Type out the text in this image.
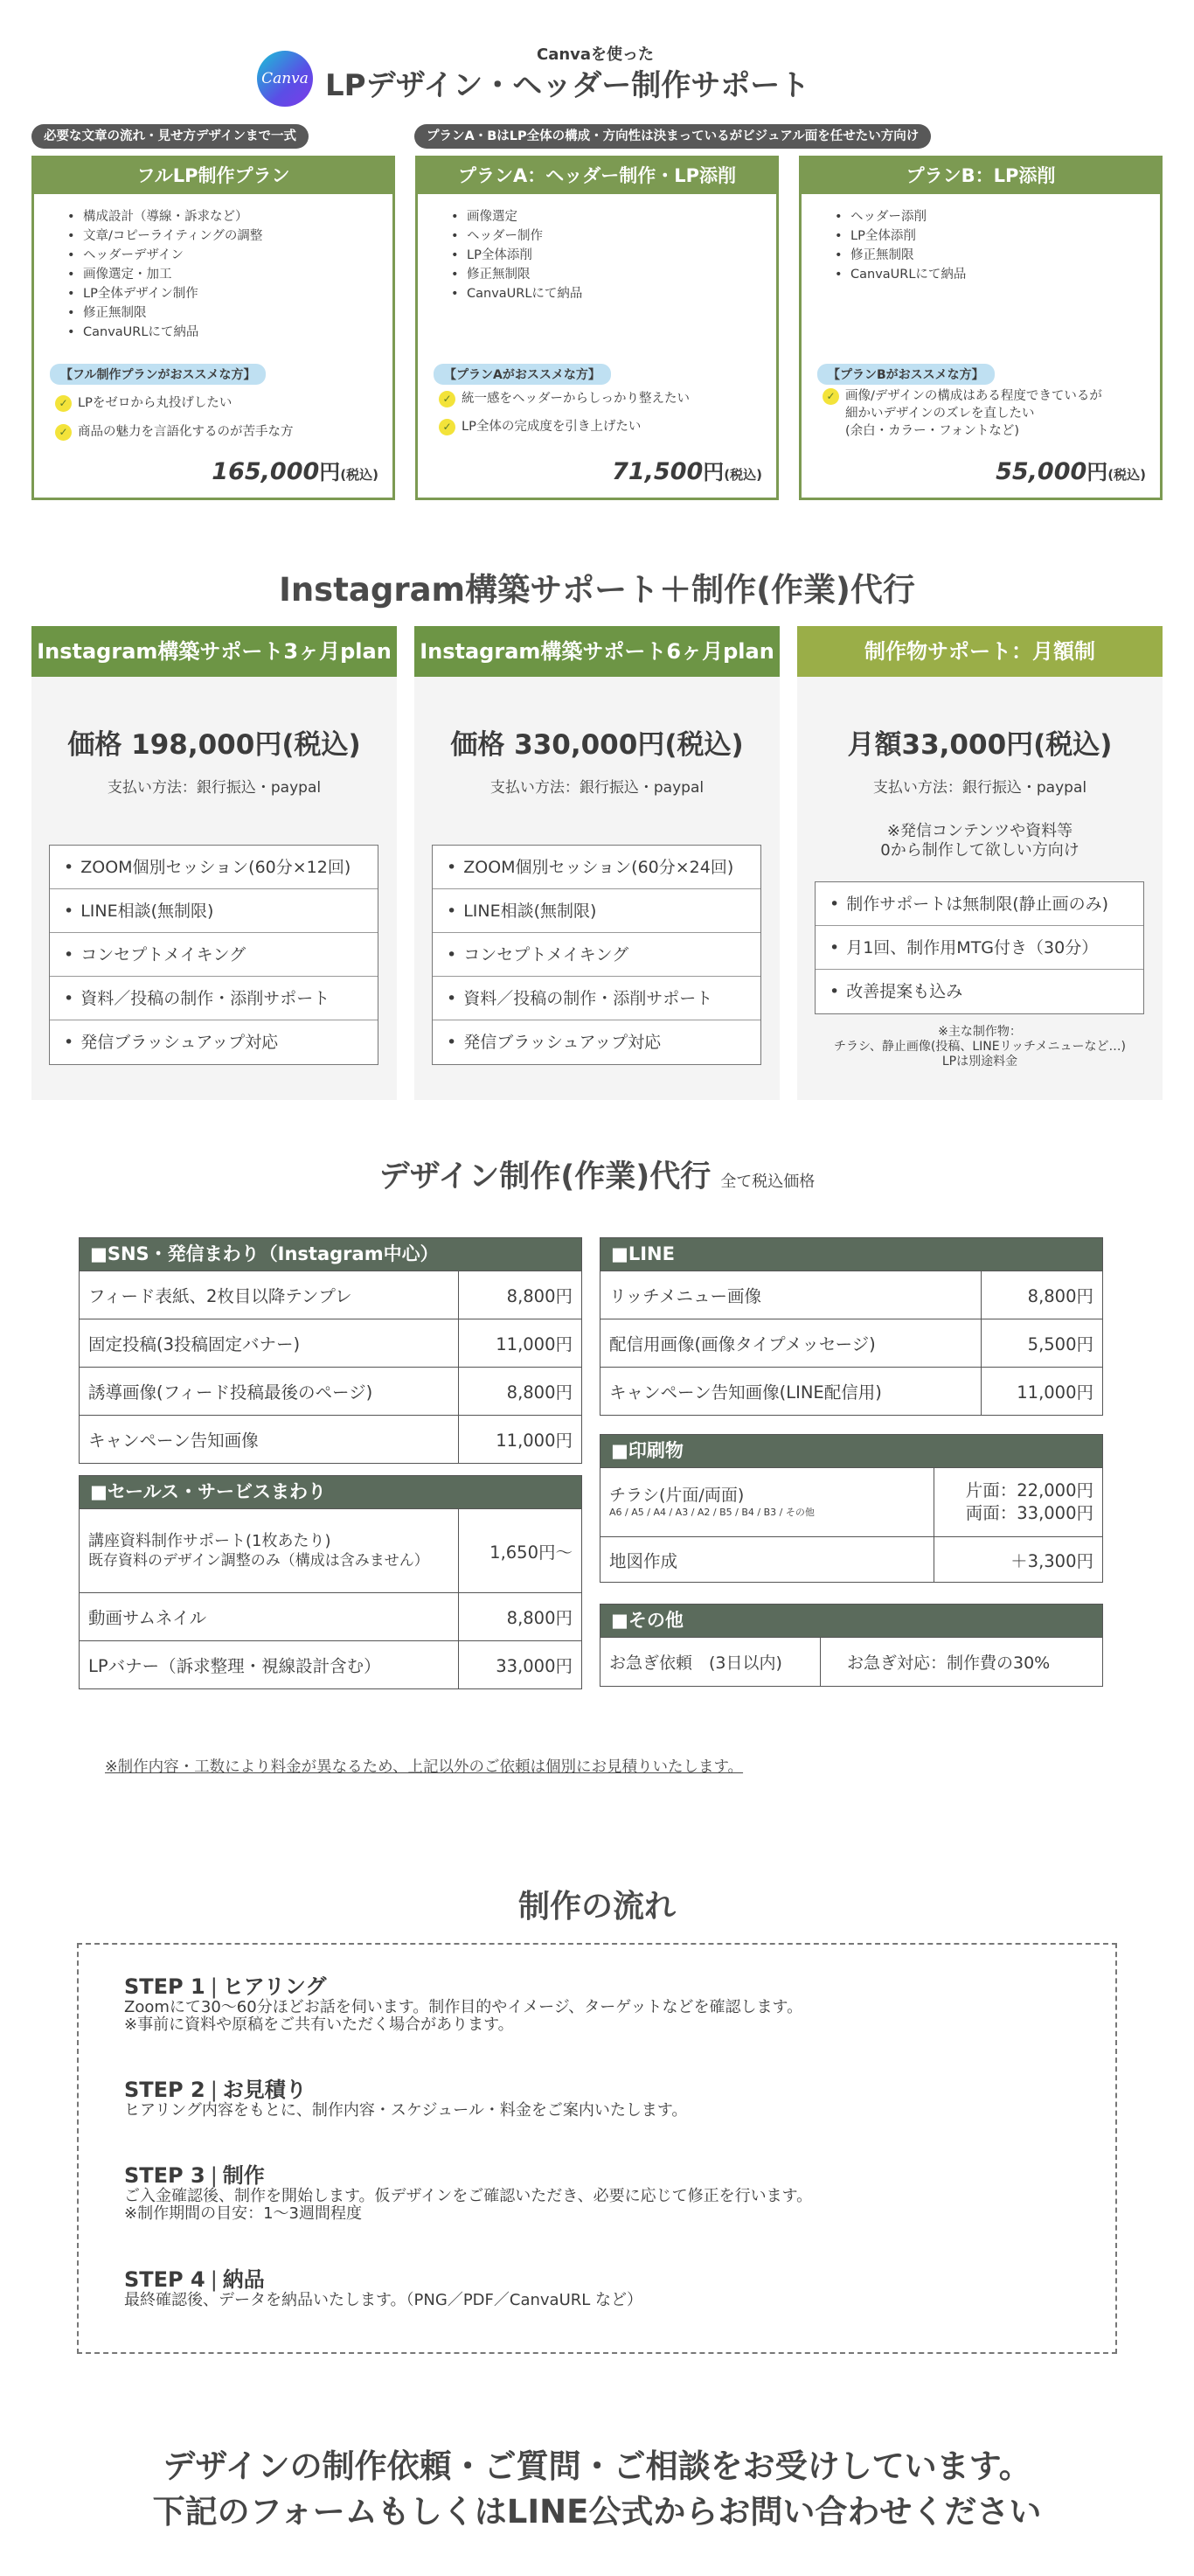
Canva
Canvaを使った
LPデザイン・ヘッダー制作サポート
必要な文章の流れ・見せ方デザインまで一式	プランA・BはLP全体の構成・方向性は決まっているがビジュアル面を任せたい方向け
フルLP制作プラン
• 構成設計（導線・訴求など）
• 文章/コピーライティングの調整
• ヘッダーデザイン
• 画像選定・加工
• LP全体デザイン制作
• 修正無制限
• CanvaURLにて納品
【フル制作プランがおススメな方】
✓ LPをゼロから丸投げしたい
✓ 商品の魅力を言語化するのが苦手な方
165,000円(税込)
プランA：ヘッダー制作・LP添削
• 画像選定
• ヘッダー制作
• LP全体添削
• 修正無制限
• CanvaURLにて納品
【プランAがおススメな方】
✓ 統一感をヘッダーからしっかり整えたい
✓ LP全体の完成度を引き上げたい
71,500円(税込)
プランB：LP添削
• ヘッダー添削
• LP全体添削
• 修正無制限
• CanvaURLにて納品
【プランBがおススメな方】
✓ 画像/デザインの構成はある程度できているが
細かいデザインのズレを直したい
(余白・カラー・フォントなど)
55,000円(税込)
Instagram構築サポート＋制作(作業)代行
Instagram構築サポート3ヶ月plan
価格 198,000円(税込)
支払い方法：銀行振込・paypal
• ZOOM個別セッション(60分×12回)
• LINE相談(無制限)
• コンセプトメイキング
• 資料／投稿の制作・添削サポート
• 発信ブラッシュアップ対応
Instagram構築サポート6ヶ月plan
価格 330,000円(税込)
支払い方法：銀行振込・paypal
• ZOOM個別セッション(60分×24回)
• LINE相談(無制限)
• コンセプトメイキング
• 資料／投稿の制作・添削サポート
• 発信ブラッシュアップ対応
制作物サポート：月額制
月額33,000円(税込)
支払い方法：銀行振込・paypal
※発信コンテンツや資料等
0から制作して欲しい方向け
• 制作サポートは無制限(静止画のみ)
• 月1回、制作用MTG付き（30分）
• 改善提案も込み
※主な制作物：
チラシ、静止画像(投稿、LINEリッチメニューなど…)
LPは別途料金
デザイン制作(作業)代行 全て税込価格
■SNS・発信まわり（Instagram中心）
フィード表紙、2枚目以降テンプレ	8,800円
固定投稿(3投稿固定バナー)	11,000円
誘導画像(フィード投稿最後のページ)	8,800円
キャンペーン告知画像	11,000円
■セールス・サービスまわり
講座資料制作サポート(1枚あたり)
既存資料のデザイン調整のみ（構成は含みません）	1,650円〜
動画サムネイル	8,800円
LPバナー（訴求整理・視線設計含む）	33,000円
■LINE
リッチメニュー画像	8,800円
配信用画像(画像タイプメッセージ)	5,500円
キャンペーン告知画像(LINE配信用)	11,000円
■印刷物
チラシ(片面/両面)
A6 / A5 / A4 / A3 / A2 / B5 / B4 / B3 / その他
片面：22,000円
両面：33,000円
地図作成	＋3,300円
■その他
お急ぎ依頼　(3日以内)	お急ぎ対応：制作費の30%
※制作内容・工数により料金が異なるため、上記以外のご依頼は個別にお見積りいたします。
制作の流れ
STEP 1 | ヒアリング
Zoomにて30〜60分ほどお話を伺います。制作目的やイメージ、ターゲットなどを確認します。
※事前に資料や原稿をご共有いただく場合があります。
STEP 2 | お見積り
ヒアリング内容をもとに、制作内容・スケジュール・料金をご案内いたします。
STEP 3 | 制作
ご入金確認後、制作を開始します。仮デザインをご確認いただき、必要に応じて修正を行います。
※制作期間の目安：1〜3週間程度
STEP 4 | 納品
最終確認後、データを納品いたします。（PNG／PDF／CanvaURL など）
デザインの制作依頼・ご質問・ご相談をお受けしています。
下記のフォームもしくはLINE公式からお問い合わせください
